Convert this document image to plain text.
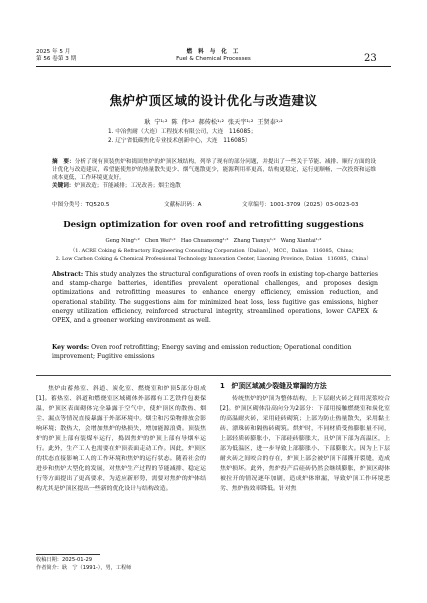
2025 年 5 月
第 56 卷第 3 期
燃 料 与 化 工
Fuel & Chemical Processes	23
焦炉炉顶区域的设计优化与改造建议
耿 宁¹˒² 陈 伟¹˒² 郝传松¹˒² 张天宇¹˒² 王贤泰¹˒²
1. 中冶焦耐（大连）工程技术有限公司，大连　116085；
2. 辽宁省低碳焦化专业技术创新中心，大连　116085）
摘　要：分析了现有顶装焦炉和捣固焦炉的炉顶区域结构，列举了现有的部分问题，并提出了一些关于节能、减排、顺行方面的设计优化与改造建议，希望能使焦炉的热量散失更少、烟气逸散更少，能源利用率更高，结构更稳定，运行更顺畅，一次投资和运维成本更低，工作环境更友好。
关键词：炉顶改造；节能减排；工况改善；烟尘逸散
中图分类号：TQ520.5	文献标识码：A	文章编号：1001-3709（2025）03-0023-03
Design optimization for oven roof and retrofitting suggestions
Geng Ning¹˒²　Chen Wei¹˒²　Hao Chuansong¹˒²　Zhang Tianyu¹˒²　Wang Xiantai¹˒²
（1. ACRE Coking & Refractory Engineering Consulting Corporation（Dalian），MCC，Dalian　116085，China；
2. Low Carbon Coking & Chemical Professional Technology Innovation Center, Liaoning Province, Dalian　116085，China）
Abstract: This study analyzes the structural configurations of oven roofs in existing top-charge batteries and stamp-charge batteries, identifies prevalent operational challenges, and proposes design optimizations and retrofitting measures to enhance energy efficiency, emission reduction, and operational stability. The suggestions aim for minimized heat loss, less fugitive gas emissions, higher energy utilization efficiency, reinforced structural integrity, streamlined operations, lower CAPEX & OPEX, and a greener working environment as well.
Key words: Oven roof retrofitting; Energy saving and emission reduction; Operational condition improvement; Fugitive emissions
焦炉由蓄热室、斜道、炭化室、燃烧室和炉顶5部分组成[1]。蓄热室、斜道和燃烧室区域砌体外部都有工艺铁件包裹保温，炉顶区表面砌体完全暴露于空气中，使炉顶区的散热、烟尘、漏点等情况直接暴露于外部环境中。烟尘和污染物排放会影响环境；散热大，会增加焦炉的热损失，增加能源浪费。顶装焦炉的炉顶上部有装煤车运行，捣固焦炉的炉顶上部有导烟车运行。此外，生产工人也需要在炉顶表面走动工作。因此，炉顶区的状态直接影响工人的工作环境和焦炉的运行状态。随着社会的进步和焦炉大型化的发展，对焦炉生产过程的节能减排、稳定运行等方面提出了更高要求，为适应新形势，需要对焦炉的炉体结构尤其是炉顶区提出一些新的优化设计与结构改造。
1　炉顶区域减少裂缝及窜漏的方法
传统焦炉的炉顶为整体结构，上下层耐火砖之间用泥浆咬合[2]。炉顶区砌体沿高向分为2部分：下部用接触燃烧室和炭化室的高温耐火砖，采用硅砖砌筑；上部为防止热量散失，采用黏土砖、漂珠砖和隔热砖砌筑。烘炉时，不同材质受热膨胀量不同，上部轻质砖膨胀小，下部硅砖膨胀大，且炉顶下部为高温区，上部为低温区，进一步导致上部膨胀小、下部膨胀大。因为上下层耐火砖之间咬合的存在，炉顶上部会被炉顶下部撕开裂缝，造成焦炉损坏。此外，焦炉投产后硅砖仍然会继续膨胀，炉顶区砌体被拉开的情况逐年加剧，造成炉体窜漏，导致炉顶工作环境恶劣、焦炉热效率降低。针对焦
收稿日期：2025-01-29
作者简介：耿　宁（1991-），男，工程师
